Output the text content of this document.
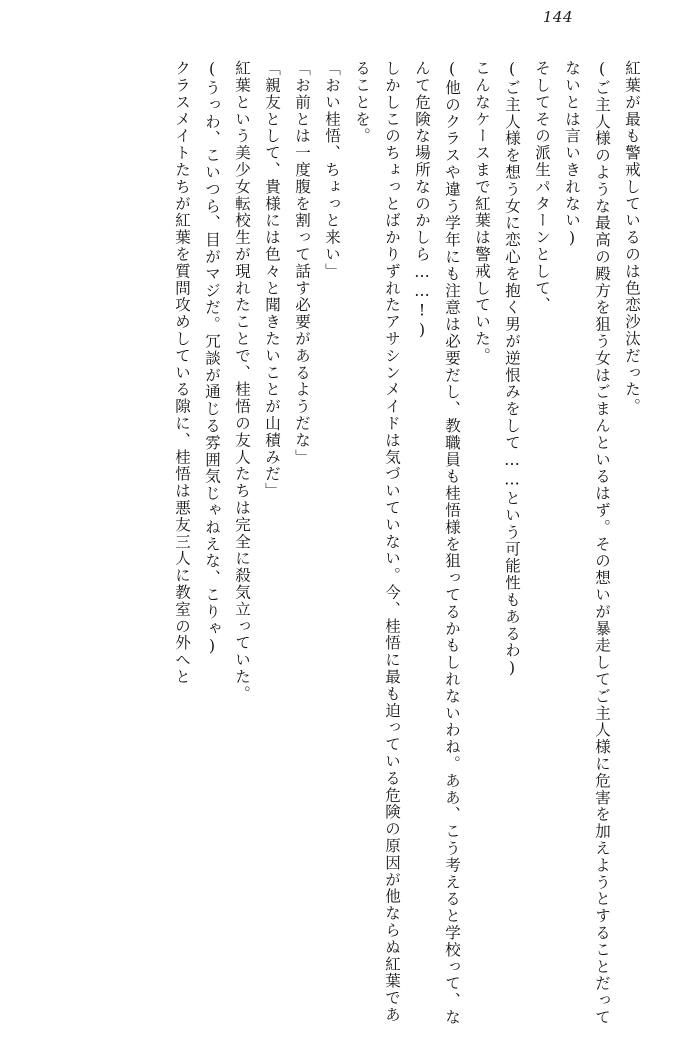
144

紅葉が最も警戒しているのは色恋沙汰だった。

(ご主人様のような最高の殿方を狙う女はごまんといるはず。その想いが暴走してご主人様に危害を加えようとすることだってないとは言いきれない)

そしてその派生パターンとして、

(ご主人様を想う女に恋心を抱く男が逆恨みをして……という可能性もあるわ)

こんなケースまで紅葉は警戒していた。

(他のクラスや違う学年にも注意は必要だし、教職員も桂悟様を狙ってるかもしれないわね。ああ、こう考えると学校って、なんて危険な場所なのかしら……!)

しかしこのちょっとばかりずれたアサシンメイドは気づいていない。今、桂悟に最も迫っている危険の原因が他ならぬ紅葉であることを。

「おい桂悟、ちょっと来い」

「お前とは一度腹を割って話す必要があるようだな」

「親友として、貴様には色々と聞きたいことが山積みだ」

紅葉という美少女転校生が現れたことで、桂悟の友人たちは完全に殺気立っていた。

(うっわ、こいつら、目がマジだ。冗談が通じる雰囲気じゃねえな、こりゃ)

クラスメイトたちが紅葉を質問攻めしている隙に、桂悟は悪友三人に教室の外へと
